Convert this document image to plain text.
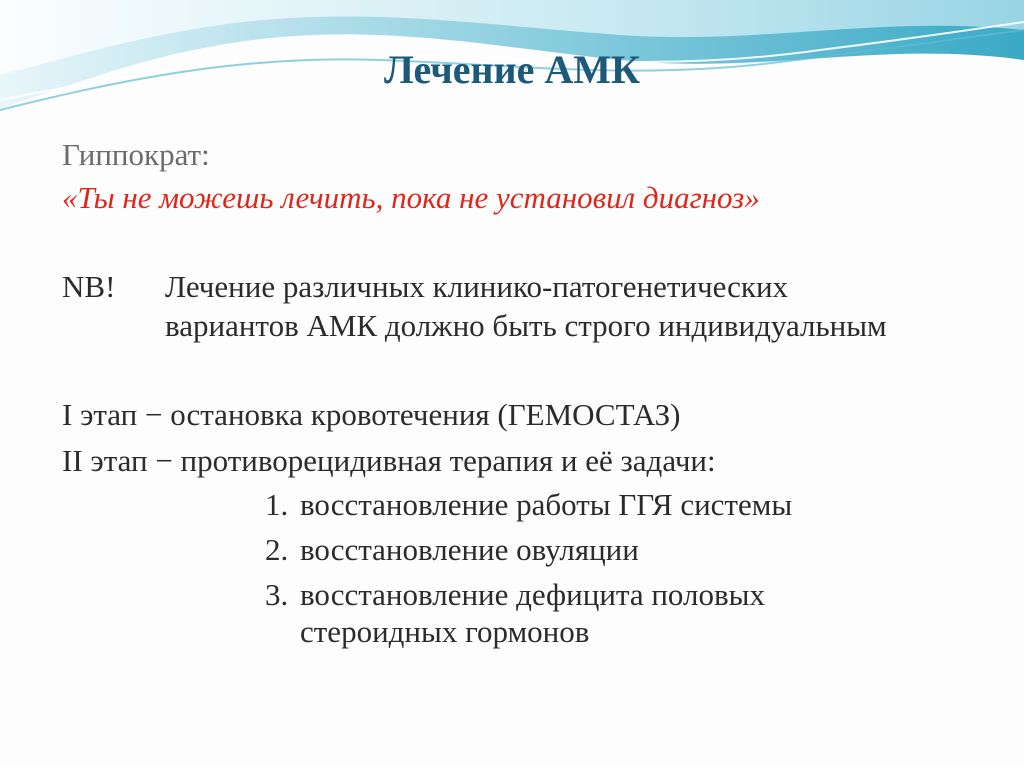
Лечение АМК
Гиппократ:
«Ты не можешь лечить, пока не установил диагноз»
NB! Лечение различных клинико-патогенетических
вариантов АМК должно быть строго индивидуальным
I этап − остановка кровотечения (ГЕМОСТАЗ)
II этап − противорецидивная терапия и её задачи:
1. восстановление работы ГГЯ системы
2. восстановление овуляции
3. восстановление дефицита половых
стероидных гормонов
